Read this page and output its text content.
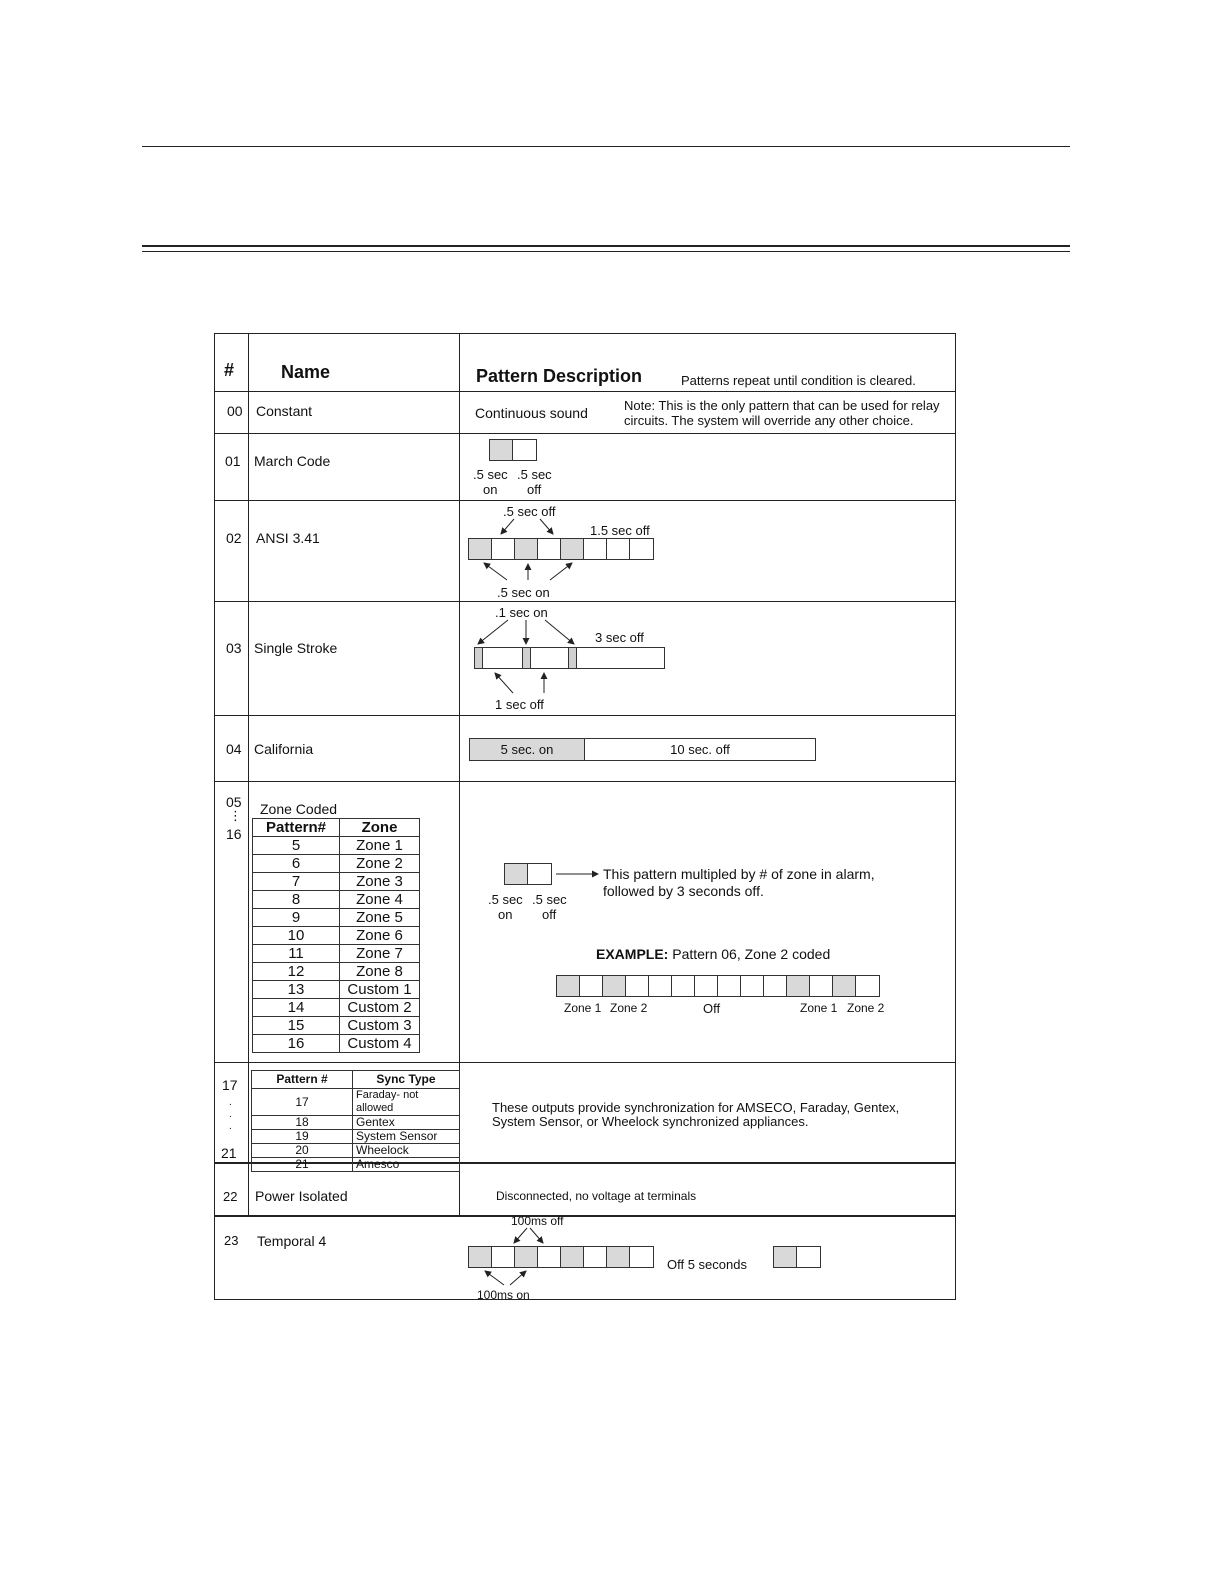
#	Name	Pattern Description	Patterns repeat until condition is cleared.
00 Constant	Continuous sound	Note: This is the only pattern that can be used for relay
circuits. The system will override any other choice.
01 March Code
.5 sec
on
.5 sec
off
02 ANSI 3.41
.5 sec off
1.5 sec off
.5 sec on
03 Single Stroke
.1 sec on
3 sec off
1 sec off
04 California	5 sec. on	10 sec. off
05
⋮
16
Zone Coded
Pattern#	Zone
5	Zone 1
6	Zone 2
7	Zone 3
8	Zone 4
9	Zone 5
10	Zone 6
11	Zone 7
12	Zone 8
13	Custom 1
14	Custom 2
15	Custom 3
16	Custom 4
This pattern multipled by # of zone in alarm,
followed by 3 seconds off.
.5 sec
on
.5 sec
off
EXAMPLE: Pattern 06, Zone 2 coded
Zone 1 Zone 2	Off	Zone 1 Zone 2
17
.
.
.
21
Pattern #	Sync Type
17	Faraday- not allowed
18	Gentex
19	System Sensor
20	Wheelock
21	Amesco
These outputs provide synchronization for AMSECO, Faraday, Gentex,
System Sensor, or Wheelock synchronized appliances.
22 Power Isolated	Disconnected, no voltage at terminals
23 Temporal 4
100ms off
Off 5 seconds
100ms on
